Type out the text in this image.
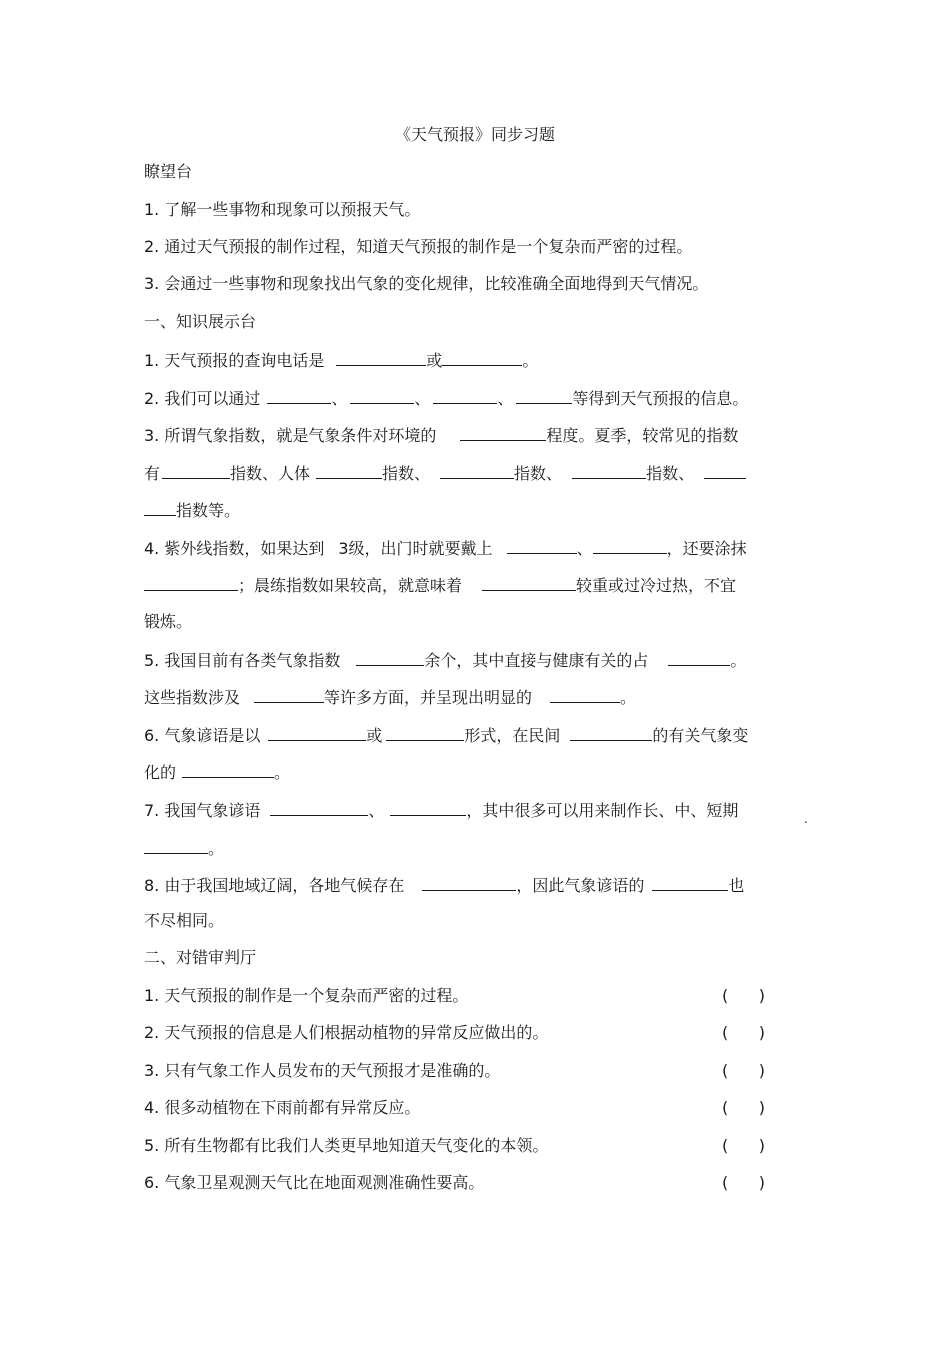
《天气预报》同步习题
瞭望台
1. 了解一些事物和现象可以预报天气。
2. 通过天气预报的制作过程，知道天气预报的制作是一个复杂而严密的过程。
3. 会通过一些事物和现象找出气象的变化规律，比较准确全面地得到天气情况。
一、知识展示台
1. 天气预报的查询电话是	或	。
2. 我们可以通过	、	、	、	等得到天气预报的信息。
3. 所谓气象指数，就是气象条件对环境的	程度。夏季，较常见的指数
有	指数、人体	指数、	指数、	指数、
指数等。
4. 紫外线指数，如果达到 3级，出门时就要戴上	、	，还要涂抹
；晨练指数如果较高，就意味着	较重或过冷过热，不宜
锻炼。
5. 我国目前有各类气象指数	余个，其中直接与健康有关的占	。
这些指数涉及	等许多方面，并呈现出明显的	。
6. 气象谚语是以	或	形式，在民间	的有关气象变
化的	。
7. 我国气象谚语	、	，其中很多可以用来制作长、中、短期	.
。
8. 由于我国地域辽阔，各地气候存在	，因此气象谚语的	也
不尽相同。
二、对错审判厅
1. 天气预报的制作是一个复杂而严密的过程。	(      )
2. 天气预报的信息是人们根据动植物的异常反应做出的。	(      )
3. 只有气象工作人员发布的天气预报才是准确的。	(      )
4. 很多动植物在下雨前都有异常反应。	(      )
5. 所有生物都有比我们人类更早地知道天气变化的本领。	(      )
6. 气象卫星观测天气比在地面观测准确性要高。	(      )
